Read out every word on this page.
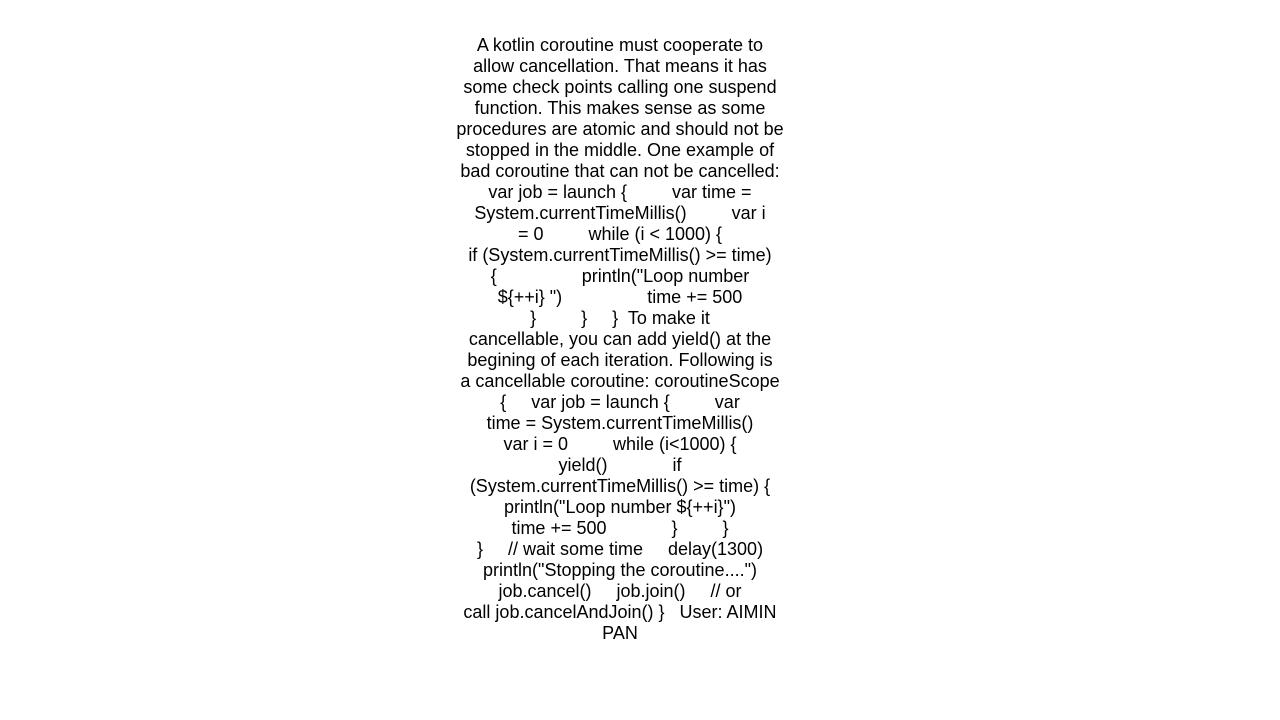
A kotlin coroutine must cooperate to
allow cancellation. That means it has
some check points calling one suspend
function. This makes sense as some
procedures are atomic and should not be
stopped in the middle. One example of
bad coroutine that can not be cancelled:
var job = launch {         var time =
System.currentTimeMillis()         var i
= 0         while (i < 1000) {
if (System.currentTimeMillis() >= time)
{                 println("Loop number
${++i} ")                 time += 500
}         }     }  To make it
cancellable, you can add yield() at the
begining of each iteration. Following is
a cancellable coroutine: coroutineScope
{     var job = launch {         var
time = System.currentTimeMillis()
var i = 0         while (i<1000) {
yield()             if
(System.currentTimeMillis() >= time) {
println("Loop number ${++i}")
time += 500             }         }
}     // wait some time     delay(1300)
println("Stopping the coroutine....")
job.cancel()     job.join()     // or
call job.cancelAndJoin() }   User: AIMIN
PAN
